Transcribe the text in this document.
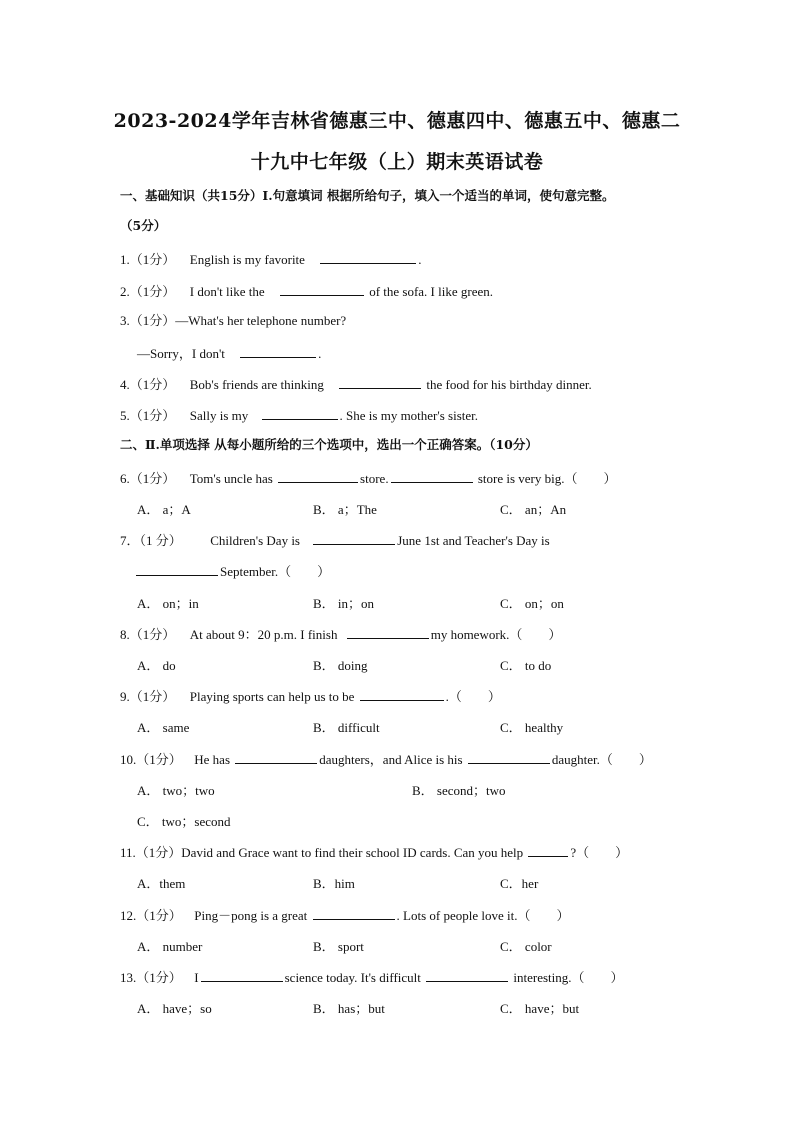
2023-2024学年吉林省德惠三中、德惠四中、德惠五中、德惠二
十九中七年级（上）期末英语试卷
一、基础知识（共15分）Ⅰ.句意填词 根据所给句子，填入一个适当的单词，使句意完整。
（5分）
1.（1分） English is my favorite	.
2.（1分） I don't like the	of the sofa. I like green.
3.（1分）—What's her telephone number?
—Sorry，I don't	.
4.（1分） Bob's friends are thinking	the food for his birthday dinner.
5.（1分） Sally is my	. She is my mother's sister.
二、Ⅱ.单项选择 从每小题所给的三个选项中，选出一个正确答案。（10分）
6.（1分） Tom's uncle has	store.	store is very big.（　　）
A． a；A	B． a；The	C． an；An
7．（1 分） Children's Day is	June 1st and Teacher's Day is
September.（　　）
A． on；in	B． in；on	C． on；on
8.（1分） At about 9：20 p.m. I finish	my homework.（　　）
A． do	B． doing	C． to do
9.（1分） Playing sports can help us to be	.（　　）
A． same	B． difficult	C． healthy
10.（1分） He has	daughters，and Alice is his	daughter.（　　）
A． two；two	B． second；two
C． two；second
11.（1分）David and Grace want to find their school ID cards. Can you help	?（　　）
A．them	B．him	C．her
12.（1分） Ping－pong is a great	. Lots of people love it.（　　）
A． number	B． sport	C． color
13.（1分） I	science today. It's difficult	interesting.（　　）
A． have；so	B． has；but	C． have；but
